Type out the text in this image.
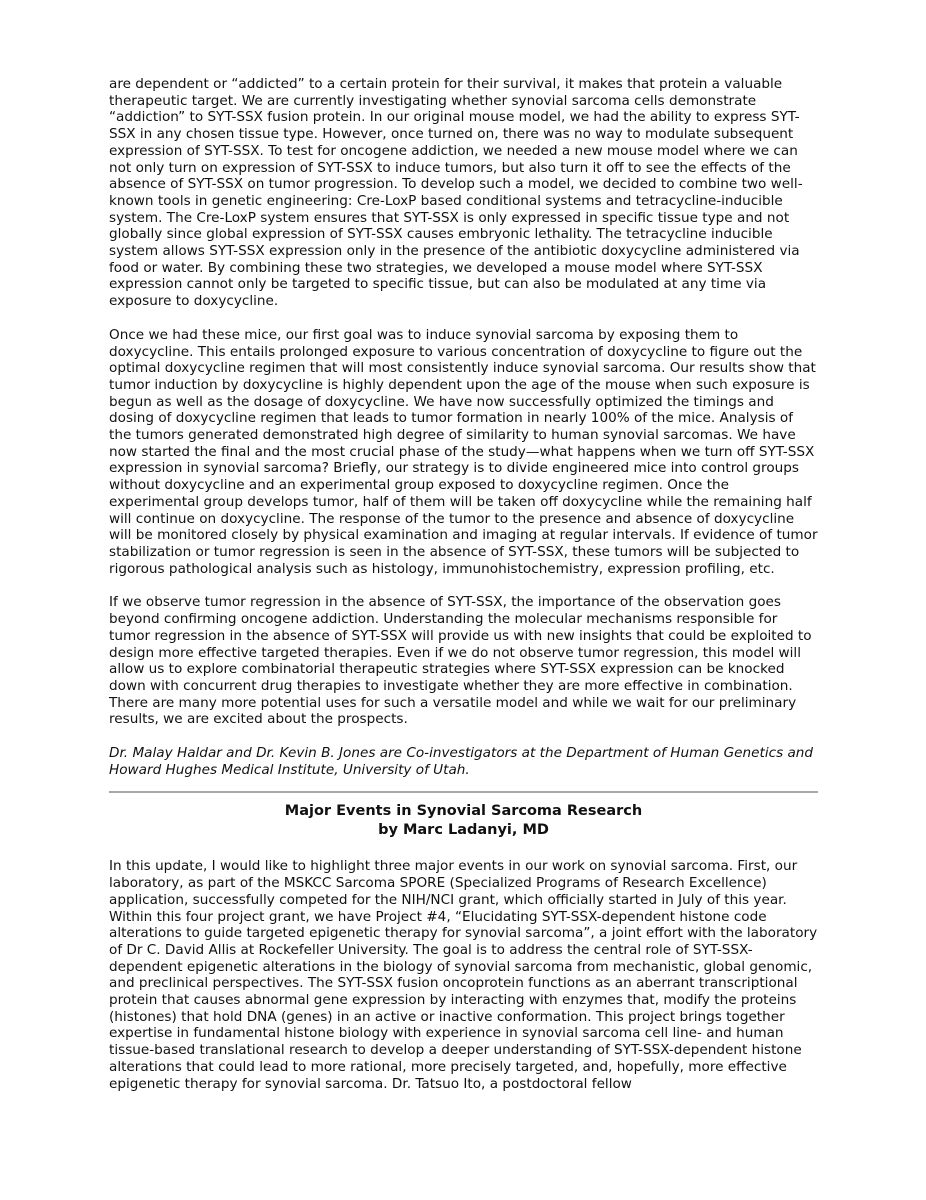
are dependent or “addicted” to a certain protein for their survival, it makes that protein a valuable therapeutic target. We are currently investigating whether synovial sarcoma cells demonstrate “addiction” to SYT-SSX fusion protein. In our original mouse model, we had the ability to express SYT-SSX in any chosen tissue type. However, once turned on, there was no way to modulate subsequent expression of SYT-SSX. To test for oncogene addiction, we needed a new mouse model where we can not only turn on expression of SYT-SSX to induce tumors, but also turn it off to see the effects of the absence of SYT-SSX on tumor progression. To develop such a model, we decided to combine two well-known tools in genetic engineering: Cre-LoxP based conditional systems and tetracycline-inducible system. The Cre-LoxP system ensures that SYT-SSX is only expressed in specific tissue type and not globally since global expression of SYT-SSX causes embryonic lethality. The tetracycline inducible system allows SYT-SSX expression only in the presence of the antibiotic doxycycline administered via food or water. By combining these two strategies, we developed a mouse model where SYT-SSX expression cannot only be targeted to specific tissue, but can also be modulated at any time via exposure to doxycycline.

Once we had these mice, our first goal was to induce synovial sarcoma by exposing them to doxycycline. This entails prolonged exposure to various concentration of doxycycline to figure out the optimal doxycycline regimen that will most consistently induce synovial sarcoma. Our results show that tumor induction by doxycycline is highly dependent upon the age of the mouse when such exposure is begun as well as the dosage of doxycycline. We have now successfully optimized the timings and dosing of doxycycline regimen that leads to tumor formation in nearly 100% of the mice. Analysis of the tumors generated demonstrated high degree of similarity to human synovial sarcomas. We have now started the final and the most crucial phase of the study—what happens when we turn off SYT-SSX expression in synovial sarcoma? Briefly, our strategy is to divide engineered mice into control groups without doxycycline and an experimental group exposed to doxycycline regimen. Once the experimental group develops tumor, half of them will be taken off doxycycline while the remaining half will continue on doxycycline. The response of the tumor to the presence and absence of doxycycline will be monitored closely by physical examination and imaging at regular intervals. If evidence of tumor stabilization or tumor regression is seen in the absence of SYT-SSX, these tumors will be subjected to rigorous pathological analysis such as histology, immunohistochemistry, expression profiling, etc.

If we observe tumor regression in the absence of SYT-SSX, the importance of the observation goes beyond confirming oncogene addiction. Understanding the molecular mechanisms responsible for tumor regression in the absence of SYT-SSX will provide us with new insights that could be exploited to design more effective targeted therapies. Even if we do not observe tumor regression, this model will allow us to explore combinatorial therapeutic strategies where SYT-SSX expression can be knocked down with concurrent drug therapies to investigate whether they are more effective in combination. There are many more potential uses for such a versatile model and while we wait for our preliminary results, we are excited about the prospects.

Dr. Malay Haldar and Dr. Kevin B. Jones are Co-investigators at the Department of Human Genetics and Howard Hughes Medical Institute, University of Utah.

Major Events in Synovial Sarcoma Research
by Marc Ladanyi, MD

In this update, I would like to highlight three major events in our work on synovial sarcoma. First, our laboratory, as part of the MSKCC Sarcoma SPORE (Specialized Programs of Research Excellence) application, successfully competed for the NIH/NCI grant, which officially started in July of this year. Within this four project grant, we have Project #4, “Elucidating SYT-SSX-dependent histone code alterations to guide targeted epigenetic therapy for synovial sarcoma”, a joint effort with the laboratory of Dr C. David Allis at Rockefeller University. The goal is to address the central role of SYT-SSX-dependent epigenetic alterations in the biology of synovial sarcoma from mechanistic, global genomic, and preclinical perspectives. The SYT-SSX fusion oncoprotein functions as an aberrant transcriptional protein that causes abnormal gene expression by interacting with enzymes that, modify the proteins (histones) that hold DNA (genes) in an active or inactive conformation. This project brings together expertise in fundamental histone biology with experience in synovial sarcoma cell line- and human tissue-based translational research to develop a deeper understanding of SYT-SSX-dependent histone alterations that could lead to more rational, more precisely targeted, and, hopefully, more effective epigenetic therapy for synovial sarcoma. Dr. Tatsuo Ito, a postdoctoral fellow
